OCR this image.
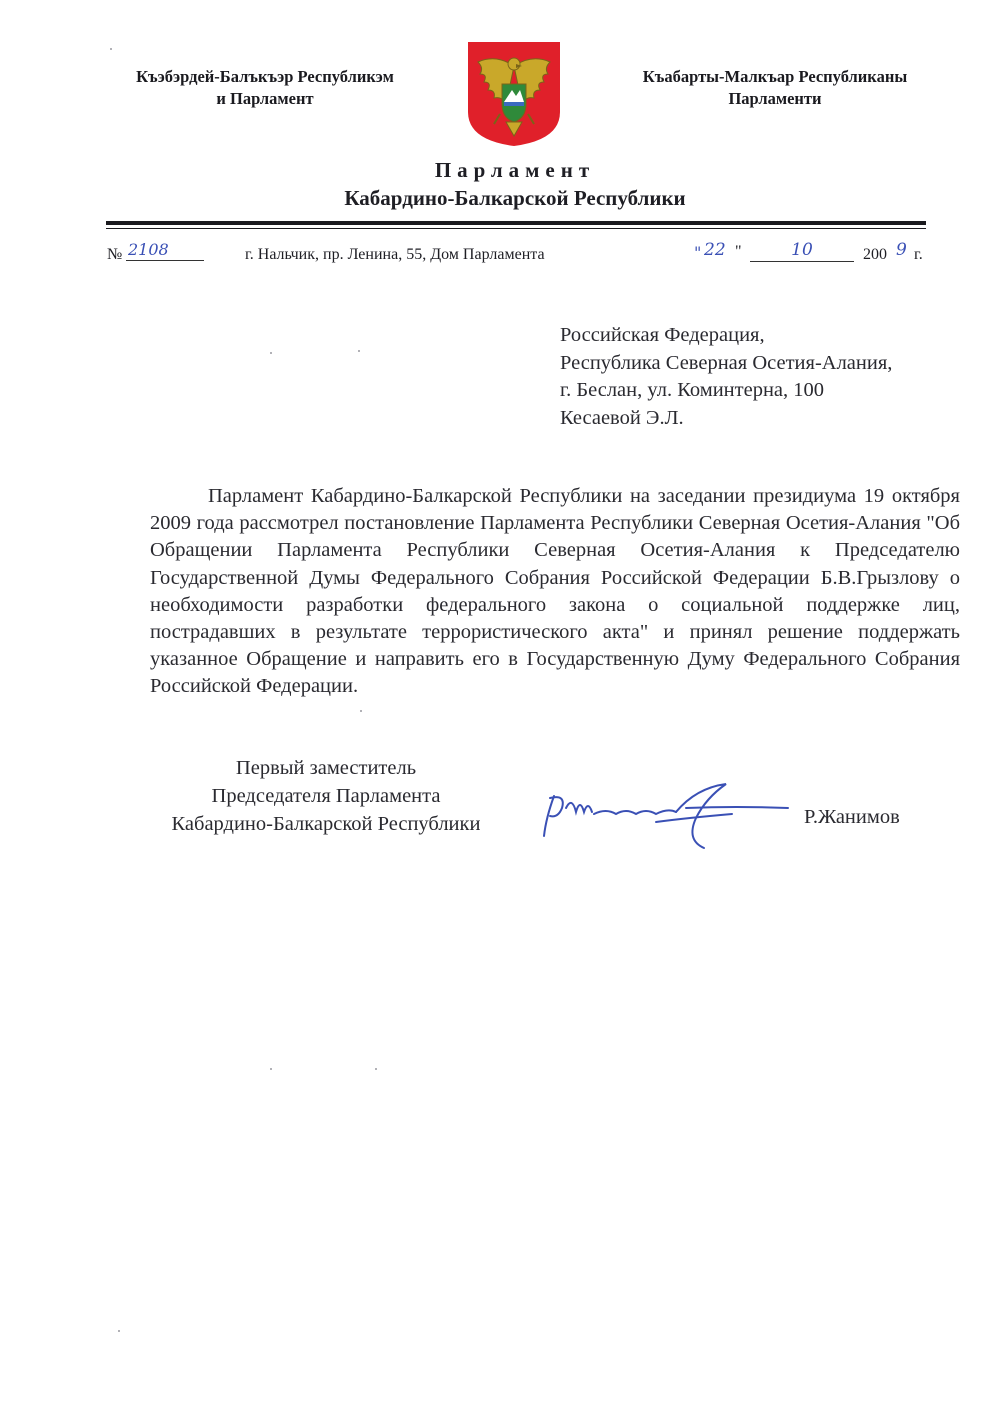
Къэбэрдей-Балъкъэр Республикэм
и Парламент
Къабарты-Малкъар Республиканы
Парламенти
Парламент
Кабардино-Балкарской Республики
№ 2108	г. Нальчик, пр. Ленина, 55, Дом Парламента	" 22 "	10	200 9 г.
Российская Федерация,
Республика Северная Осетия-Алания,
г. Беслан, ул. Коминтерна, 100
Кесаевой Э.Л.

Парламент Кабардино-Балкарской Республики на заседании президиума 19 октября 2009 года рассмотрел постановление Парламента Республики Северная Осетия-Алания "Об Обращении Парламента Республики Северная Осетия-Алания к Председателю Государственной Думы Федерального Собрания Российской Федерации Б.В.Грызлову о необходимости разработки федерального закона о социальной поддержке лиц, пострадавших в результате террористического акта" и принял решение поддержать указанное Обращение и направить его в Государственную Думу Федерального Собрания Российской Федерации.

Первый заместитель
Председателя Парламента
Кабардино-Балкарской Республики	Р.Жанимов
